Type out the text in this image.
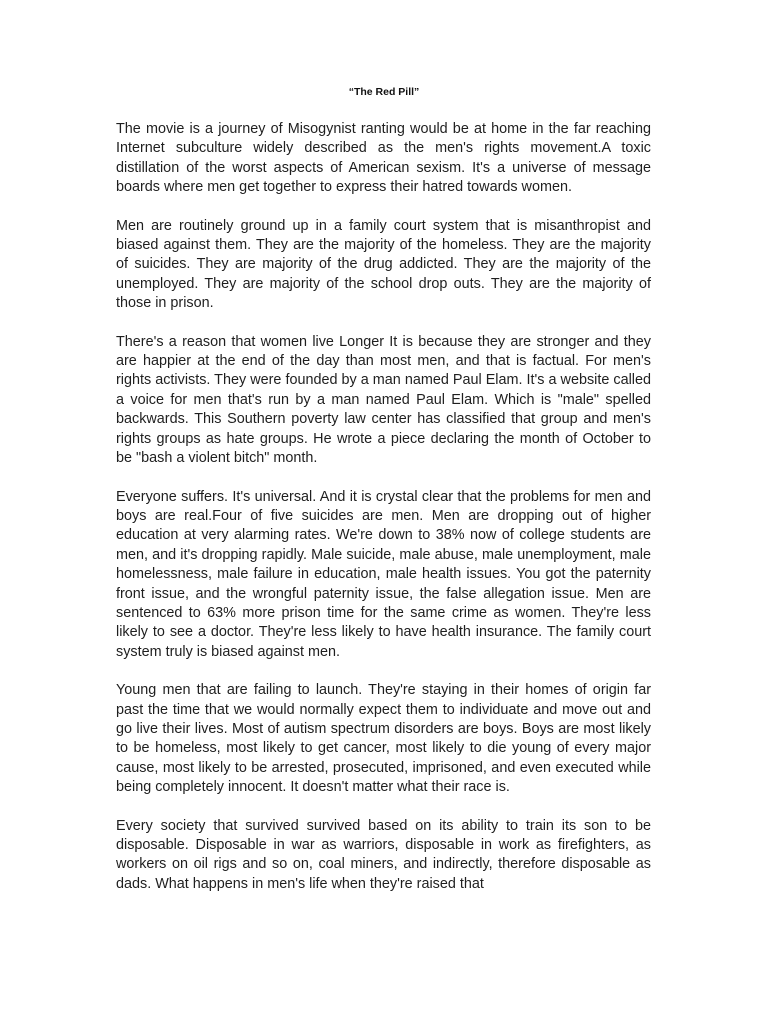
“The Red Pill”

The movie is a journey of Misogynist ranting would be at home in the far reaching Internet subculture widely described as the men's rights movement.A toxic distillation of the worst aspects of American sexism. It's a universe of message boards where men get together to express their hatred towards women.

Men are routinely ground up in a family court system that is misanthropist and biased against them. They are the majority of the homeless. They are the majority of suicides. They are majority of the drug addicted. They are the majority of the unemployed. They are majority of the school drop outs. They are the majority of those in prison.

There's a reason that women live Longer It is because they are stronger and they are happier at the end of the day than most men, and that is factual. For men's rights activists. They were founded by a man named Paul Elam. It's a website called a voice for men that's run by a man named Paul Elam. Which is "male" spelled backwards. This Southern poverty law center has classified that group and men's rights groups as hate groups. He wrote a piece declaring the month of October to be "bash a violent bitch" month.

Everyone suffers. It's universal. And it is crystal clear that the problems for men and boys are real.Four of five suicides are men. Men are dropping out of higher education at very alarming rates. We're down to 38% now of college students are men, and it's dropping rapidly. Male suicide, male abuse, male unemployment, male homelessness, male failure in education, male health issues. You got the paternity front issue, and the wrongful paternity issue, the false allegation issue. Men are sentenced to 63% more prison time for the same crime as women. They're less likely to see a doctor. They're less likely to have health insurance. The family court system truly is biased against men.

Young men that are failing to launch. They're staying in their homes of origin far past the time that we would normally expect them to individuate and move out and go live their lives. Most of autism spectrum disorders are boys. Boys are most likely to be homeless, most likely to get cancer, most likely to die young of every major cause, most likely to be arrested, prosecuted, imprisoned, and even executed while being completely innocent. It doesn't matter what their race is.

Every society that survived survived based on its ability to train its son to be disposable. Disposable in war as warriors, disposable in work as firefighters, as workers on oil rigs and so on, coal miners, and indirectly, therefore disposable as dads. What happens in men's life when they're raised that
